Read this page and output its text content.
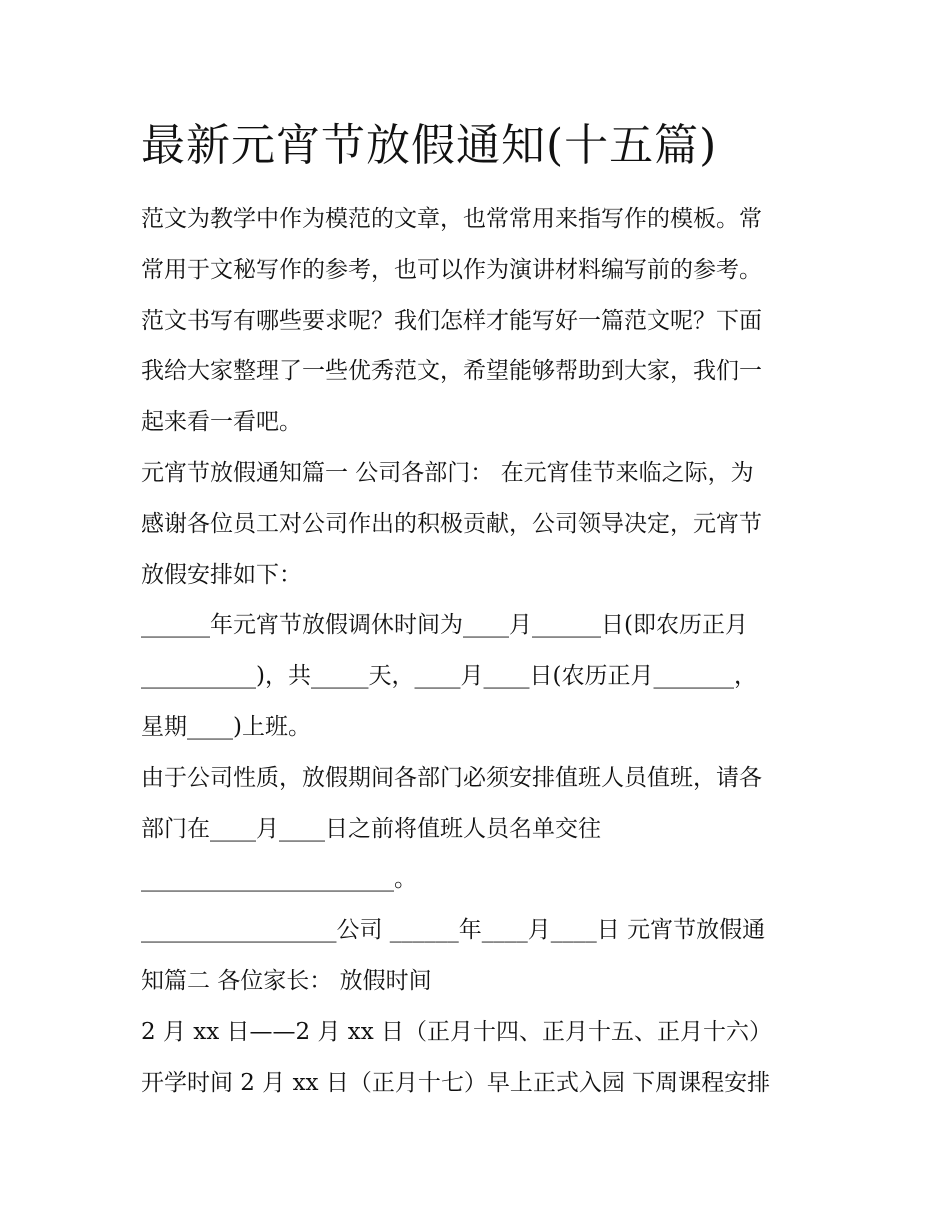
最新元宵节放假通知(十五篇)
范文为教学中作为模范的文章，也常常用来指写作的模板。常
常用于文秘写作的参考，也可以作为演讲材料编写前的参考。
范文书写有哪些要求呢？我们怎样才能写好一篇范文呢？下面
我给大家整理了一些优秀范文，希望能够帮助到大家，我们一
起来看一看吧。
元宵节放假通知篇一 公司各部门： 在元宵佳节来临之际，为
感谢各位员工对公司作出的积极贡献，公司领导决定，元宵节
放假安排如下：
______年元宵节放假调休时间为____月______日(即农历正月
__________)，共_____天，____月____日(农历正月_______，
星期____)上班。
由于公司性质，放假期间各部门必须安排值班人员值班，请各
部门在____月____日之前将值班人员名单交往
______________________。
_________________公司 ______年____月____日 元宵节放假通
知篇二 各位家长： 放假时间
2 月 xx 日——2 月 xx 日（正月十四、正月十五、正月十六）
开学时间 2 月 xx 日（正月十七）早上正式入园 下周课程安排
